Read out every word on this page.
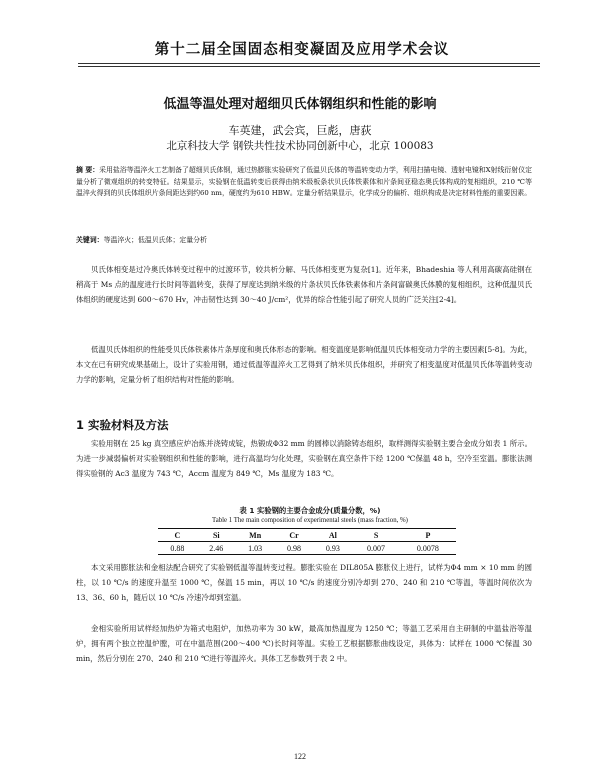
第十二届全国固态相变凝固及应用学术会议
低温等温处理对超细贝氏体钢组织和性能的影响
车英建，武会宾，巨彪，唐荻
北京科技大学 钢铁共性技术协同创新中心，北京 100083
摘 要：采用盐浴等温淬火工艺制备了超细贝氏体钢，通过热膨胀实验研究了低温贝氏体的等温转变动力学，利用扫描电镜、透射电镜和X射线衍射仪定量分析了微观组织的转变特征。结果显示，实验钢在低温转变后获得由纳米级板条状贝氏体铁素体和片条间亚稳态奥氏体构成的复相组织，210 ℃等温淬火得到的贝氏体组织片条间距达到约60 nm，硬度约为610 HBW。定量分析结果显示，化学成分的偏析、组织构成是决定材料性能的重要因素。
关键词：等温淬火；低温贝氏体；定量分析
贝氏体相变是过冷奥氏体转变过程中的过渡环节，较共析分解、马氏体相变更为复杂[1]。近年来，Bhadeshia 等人利用高碳高硅钢在稍高于 Ms 点的温度进行长时间等温转变，获得了厚度达到纳米级的片条状贝氏体铁素体和片条间富碳奥氏体膜的复相组织，这种低温贝氏体组织的硬度达到 600～670 Hv，冲击韧性达到 30～40 J/cm²，优异的综合性能引起了研究人员的广泛关注[2-4]。
低温贝氏体组织的性能受贝氏体铁素体片条厚度和奥氏体形态的影响。相变温度是影响低温贝氏体相变动力学的主要因素[5-8]。为此，本文在已有研究成果基础上，设计了实验用钢，通过低温等温淬火工艺得到了纳米贝氏体组织，并研究了相变温度对低温贝氏体等温转变动力学的影响，定量分析了组织结构对性能的影响。
1 实验材料及方法
实验用钢在 25 kg 真空感应炉冶炼并浇铸成锭，热锻成Φ32 mm 的圆棒以消除铸态组织，取样测得实验钢主要合金成分如表 1 所示。为进一步减弱偏析对实验钢组织和性能的影响，进行高温均匀化处理，实验钢在真空条件下经 1200 ℃保温 48 h，空冷至室温。膨胀法测得实验钢的 Ac3 温度为 743 ℃，Accm 温度为 849 ℃，Ms 温度为 183 ℃。
表 1 实验钢的主要合金成分(质量分数，%)
Table 1 The main composition of experimental steels (mass fraction, %)
C	Si	Mn	Cr	Al	S	P
0.88	2.46	1.03	0.98	0.93	0.007	0.0078
本文采用膨胀法和金相法配合研究了实验钢低温等温转变过程。膨胀实验在 DIL805A 膨胀仪上进行，试样为Φ4 mm × 10 mm 的圆柱，以 10 ℃/s 的速度升温至 1000 ℃，保温 15 min，再以 10 ℃/s 的速度分别冷却到 270、240 和 210 ℃等温，等温时间依次为 13、36、60 h，随后以 10 ℃/s 冷速冷却到室温。
金相实验所用试样经加热炉为箱式电阻炉，加热功率为 30 kW，最高加热温度为 1250 ℃；等温工艺采用自主研制的中温盐浴等温炉，拥有两个独立控温炉膛，可在中温范围(200～400 ℃)长时间等温。实验工艺根据膨胀曲线设定，具体为：试样在 1000 ℃保温 30 min，然后分别在 270、240 和 210 ℃进行等温淬火。具体工艺参数列于表 2 中。
122
